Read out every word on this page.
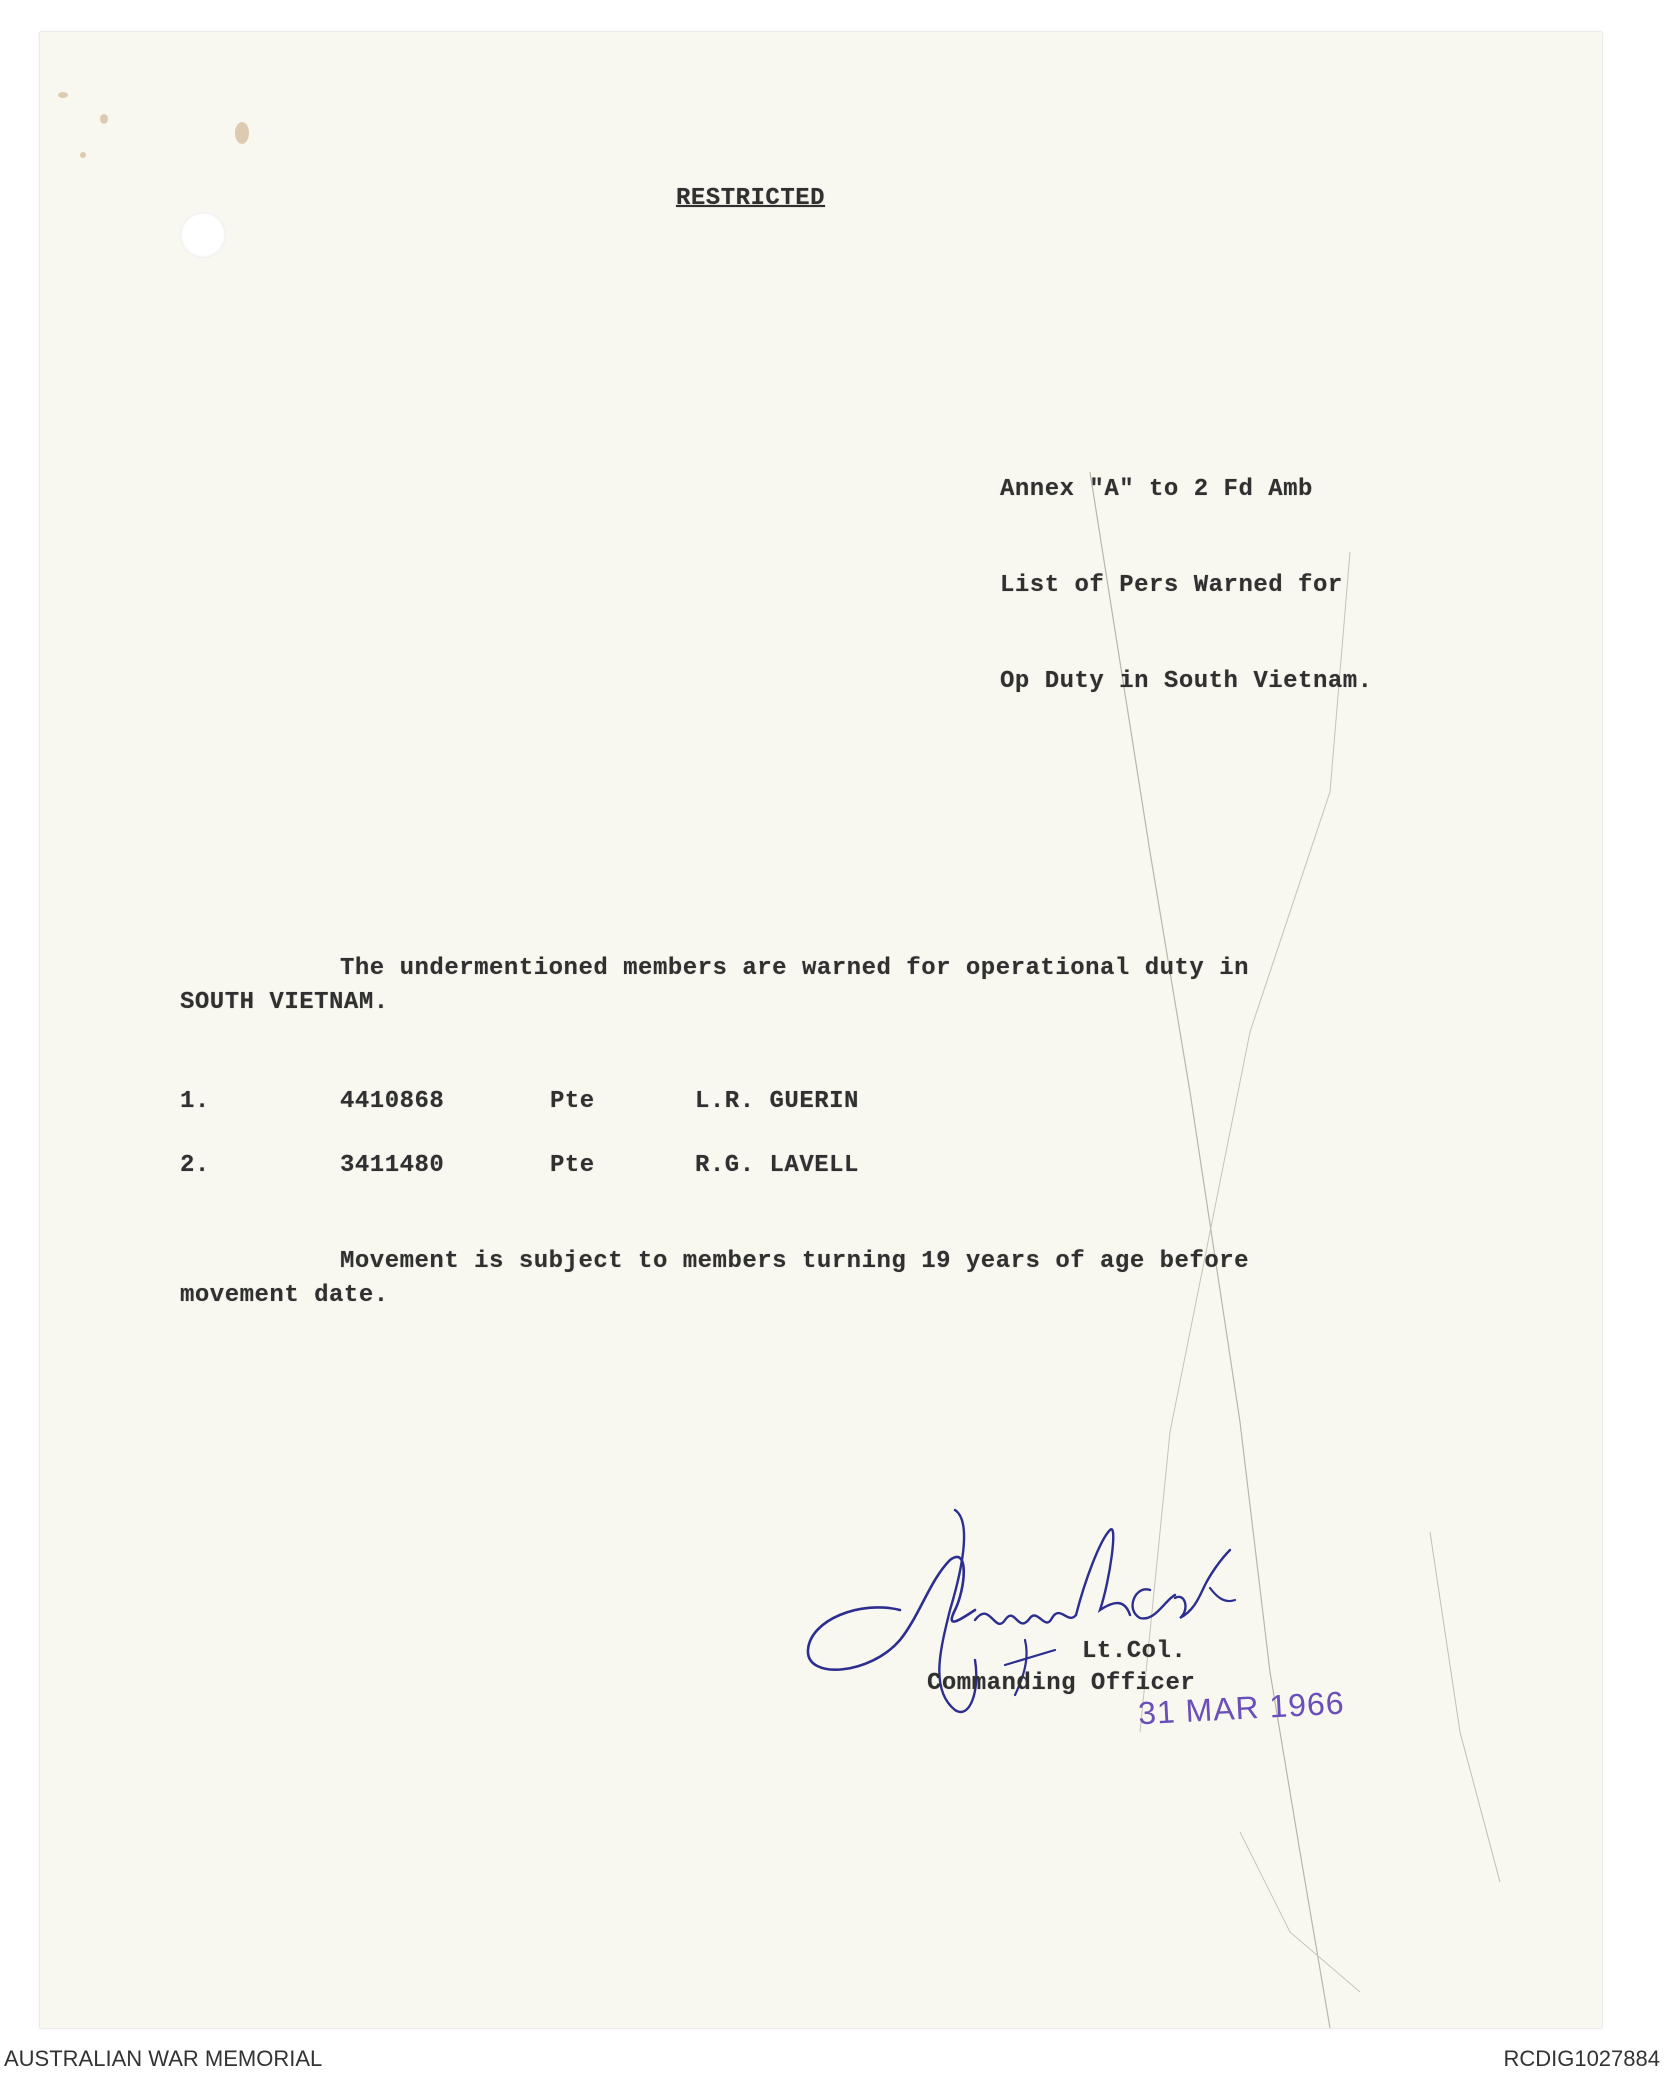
RESTRICTED

Annex "A" to 2 Fd Amb

List of Pers Warned for

Op Duty in South Vietnam.

The undermentioned members are warned for operational duty in
SOUTH VIETNAM.
1.	4410868	Pte	L.R. GUERIN
2.	3411480	Pte	R.G. LAVELL
Movement is subject to members turning 19 years of age before
movement date.
Lt.Col.
Commanding Officer
31 MAR 1966
AUSTRALIAN WAR MEMORIAL	RCDIG1027884
